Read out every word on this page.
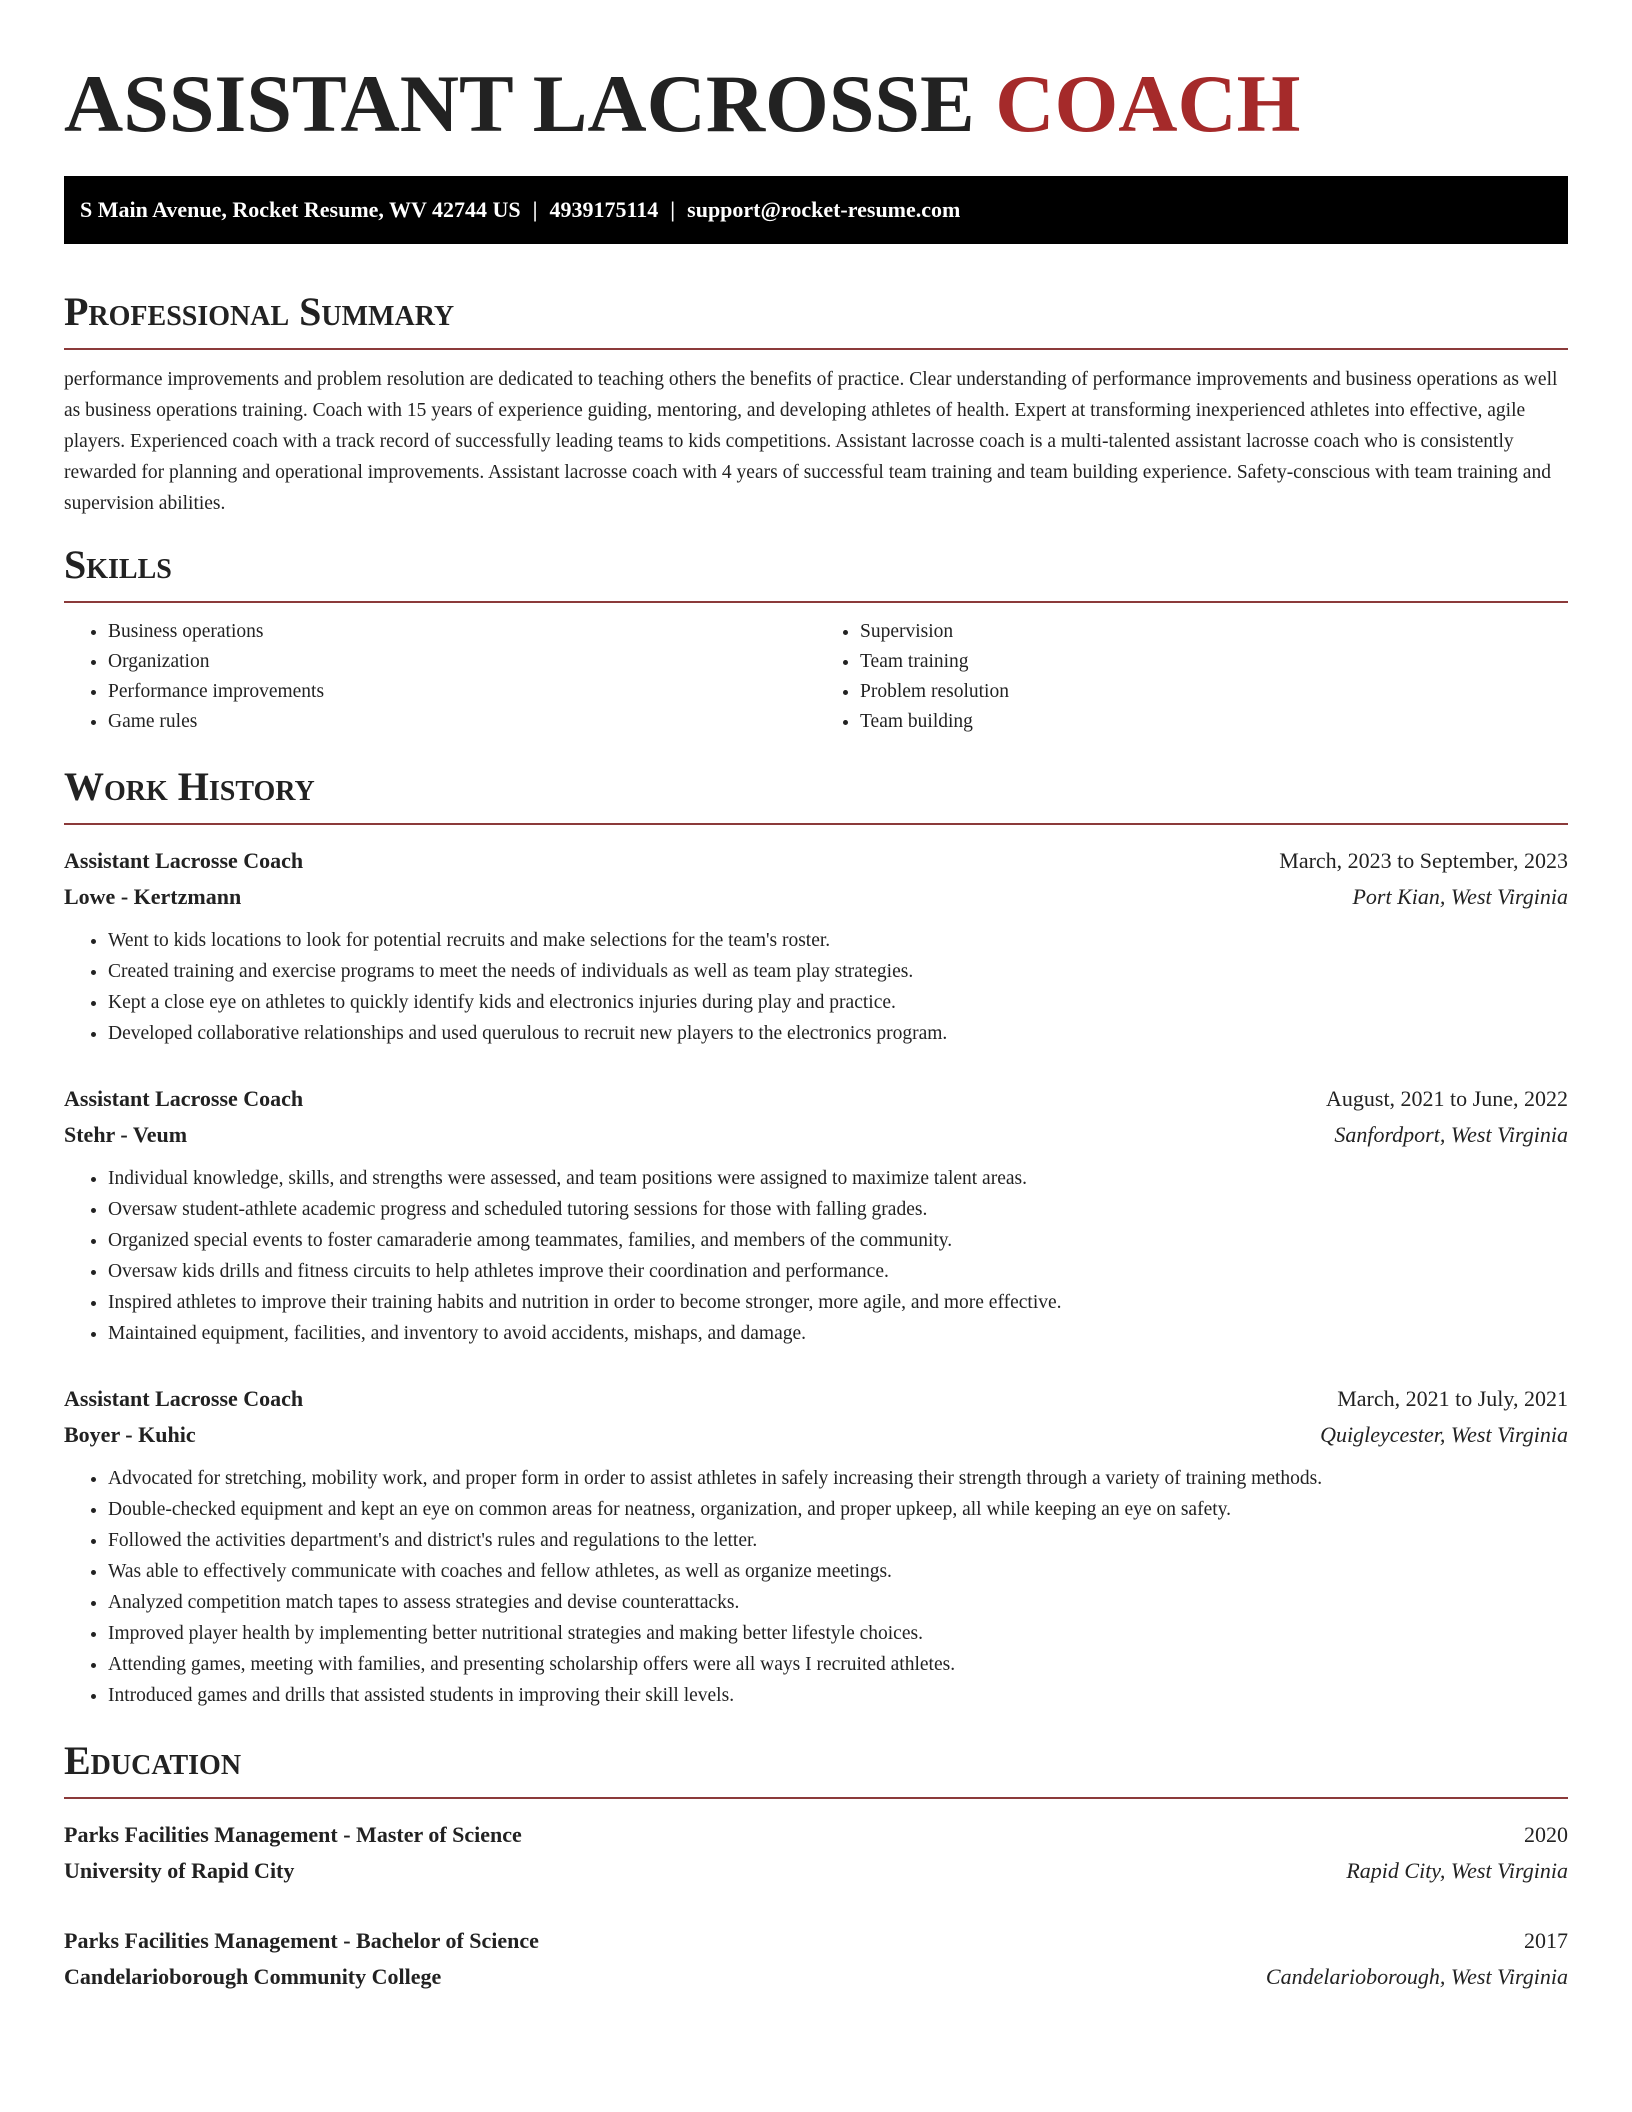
ASSISTANT LACROSSE COACH
S Main Avenue, Rocket Resume, WV 42744 US | 4939175114 | support@rocket-resume.com
Professional Summary

performance improvements and problem resolution are dedicated to teaching others the benefits of practice. Clear understanding of performance improvements and business operations as well as business operations training. Coach with 15 years of experience guiding, mentoring, and developing athletes of health. Expert at transforming inexperienced athletes into effective, agile players. Experienced coach with a track record of successfully leading teams to kids competitions. Assistant lacrosse coach is a multi-talented assistant lacrosse coach who is consistently rewarded for planning and operational improvements. Assistant lacrosse coach with 4 years of successful team training and team building experience. Safety-conscious with team training and supervision abilities.

Skills
• Business operations
• Organization
• Performance improvements
• Game rules
• Supervision
• Team training
• Problem resolution
• Team building
Work History
Assistant Lacrosse Coach	March, 2023 to September, 2023
Lowe - Kertzmann	Port Kian, West Virginia
• Went to kids locations to look for potential recruits and make selections for the team's roster.
• Created training and exercise programs to meet the needs of individuals as well as team play strategies.
• Kept a close eye on athletes to quickly identify kids and electronics injuries during play and practice.
• Developed collaborative relationships and used querulous to recruit new players to the electronics program.
Assistant Lacrosse Coach	August, 2021 to June, 2022
Stehr - Veum	Sanfordport, West Virginia
• Individual knowledge, skills, and strengths were assessed, and team positions were assigned to maximize talent areas.
• Oversaw student-athlete academic progress and scheduled tutoring sessions for those with falling grades.
• Organized special events to foster camaraderie among teammates, families, and members of the community.
• Oversaw kids drills and fitness circuits to help athletes improve their coordination and performance.
• Inspired athletes to improve their training habits and nutrition in order to become stronger, more agile, and more effective.
• Maintained equipment, facilities, and inventory to avoid accidents, mishaps, and damage.
Assistant Lacrosse Coach	March, 2021 to July, 2021
Boyer - Kuhic	Quigleycester, West Virginia
• Advocated for stretching, mobility work, and proper form in order to assist athletes in safely increasing their strength through a variety of training methods.
• Double-checked equipment and kept an eye on common areas for neatness, organization, and proper upkeep, all while keeping an eye on safety.
• Followed the activities department's and district's rules and regulations to the letter.
• Was able to effectively communicate with coaches and fellow athletes, as well as organize meetings.
• Analyzed competition match tapes to assess strategies and devise counterattacks.
• Improved player health by implementing better nutritional strategies and making better lifestyle choices.
• Attending games, meeting with families, and presenting scholarship offers were all ways I recruited athletes.
• Introduced games and drills that assisted students in improving their skill levels.
Education
Parks Facilities Management - Master of Science	2020
University of Rapid City	Rapid City, West Virginia
Parks Facilities Management - Bachelor of Science	2017
Candelarioborough Community College	Candelarioborough, West Virginia
